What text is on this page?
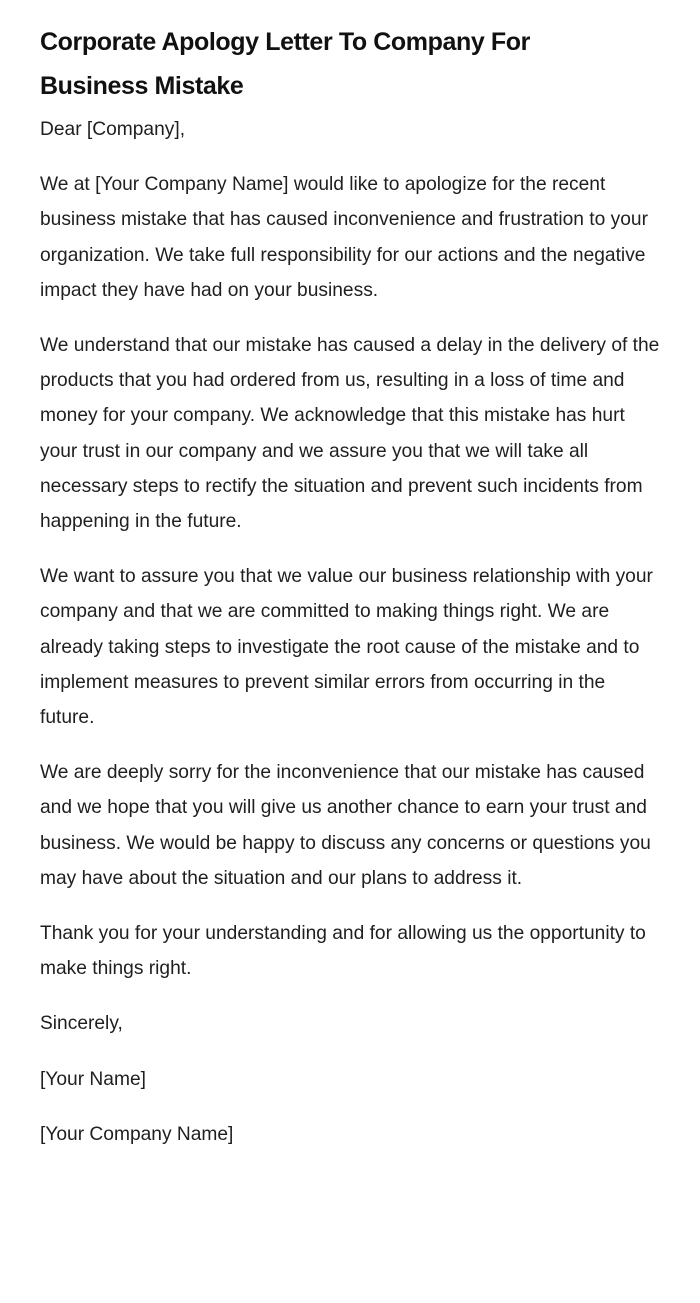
Corporate Apology Letter To Company For Business Mistake

Dear [Company],

We at [Your Company Name] would like to apologize for the recent business mistake that has caused inconvenience and frustration to your organization. We take full responsibility for our actions and the negative impact they have had on your business.

We understand that our mistake has caused a delay in the delivery of the products that you had ordered from us, resulting in a loss of time and money for your company. We acknowledge that this mistake has hurt your trust in our company and we assure you that we will take all necessary steps to rectify the situation and prevent such incidents from happening in the future.

We want to assure you that we value our business relationship with your company and that we are committed to making things right. We are already taking steps to investigate the root cause of the mistake and to implement measures to prevent similar errors from occurring in the future.

We are deeply sorry for the inconvenience that our mistake has caused and we hope that you will give us another chance to earn your trust and business. We would be happy to discuss any concerns or questions you may have about the situation and our plans to address it.

Thank you for your understanding and for allowing us the opportunity to make things right.

Sincerely,

[Your Name]

[Your Company Name]
